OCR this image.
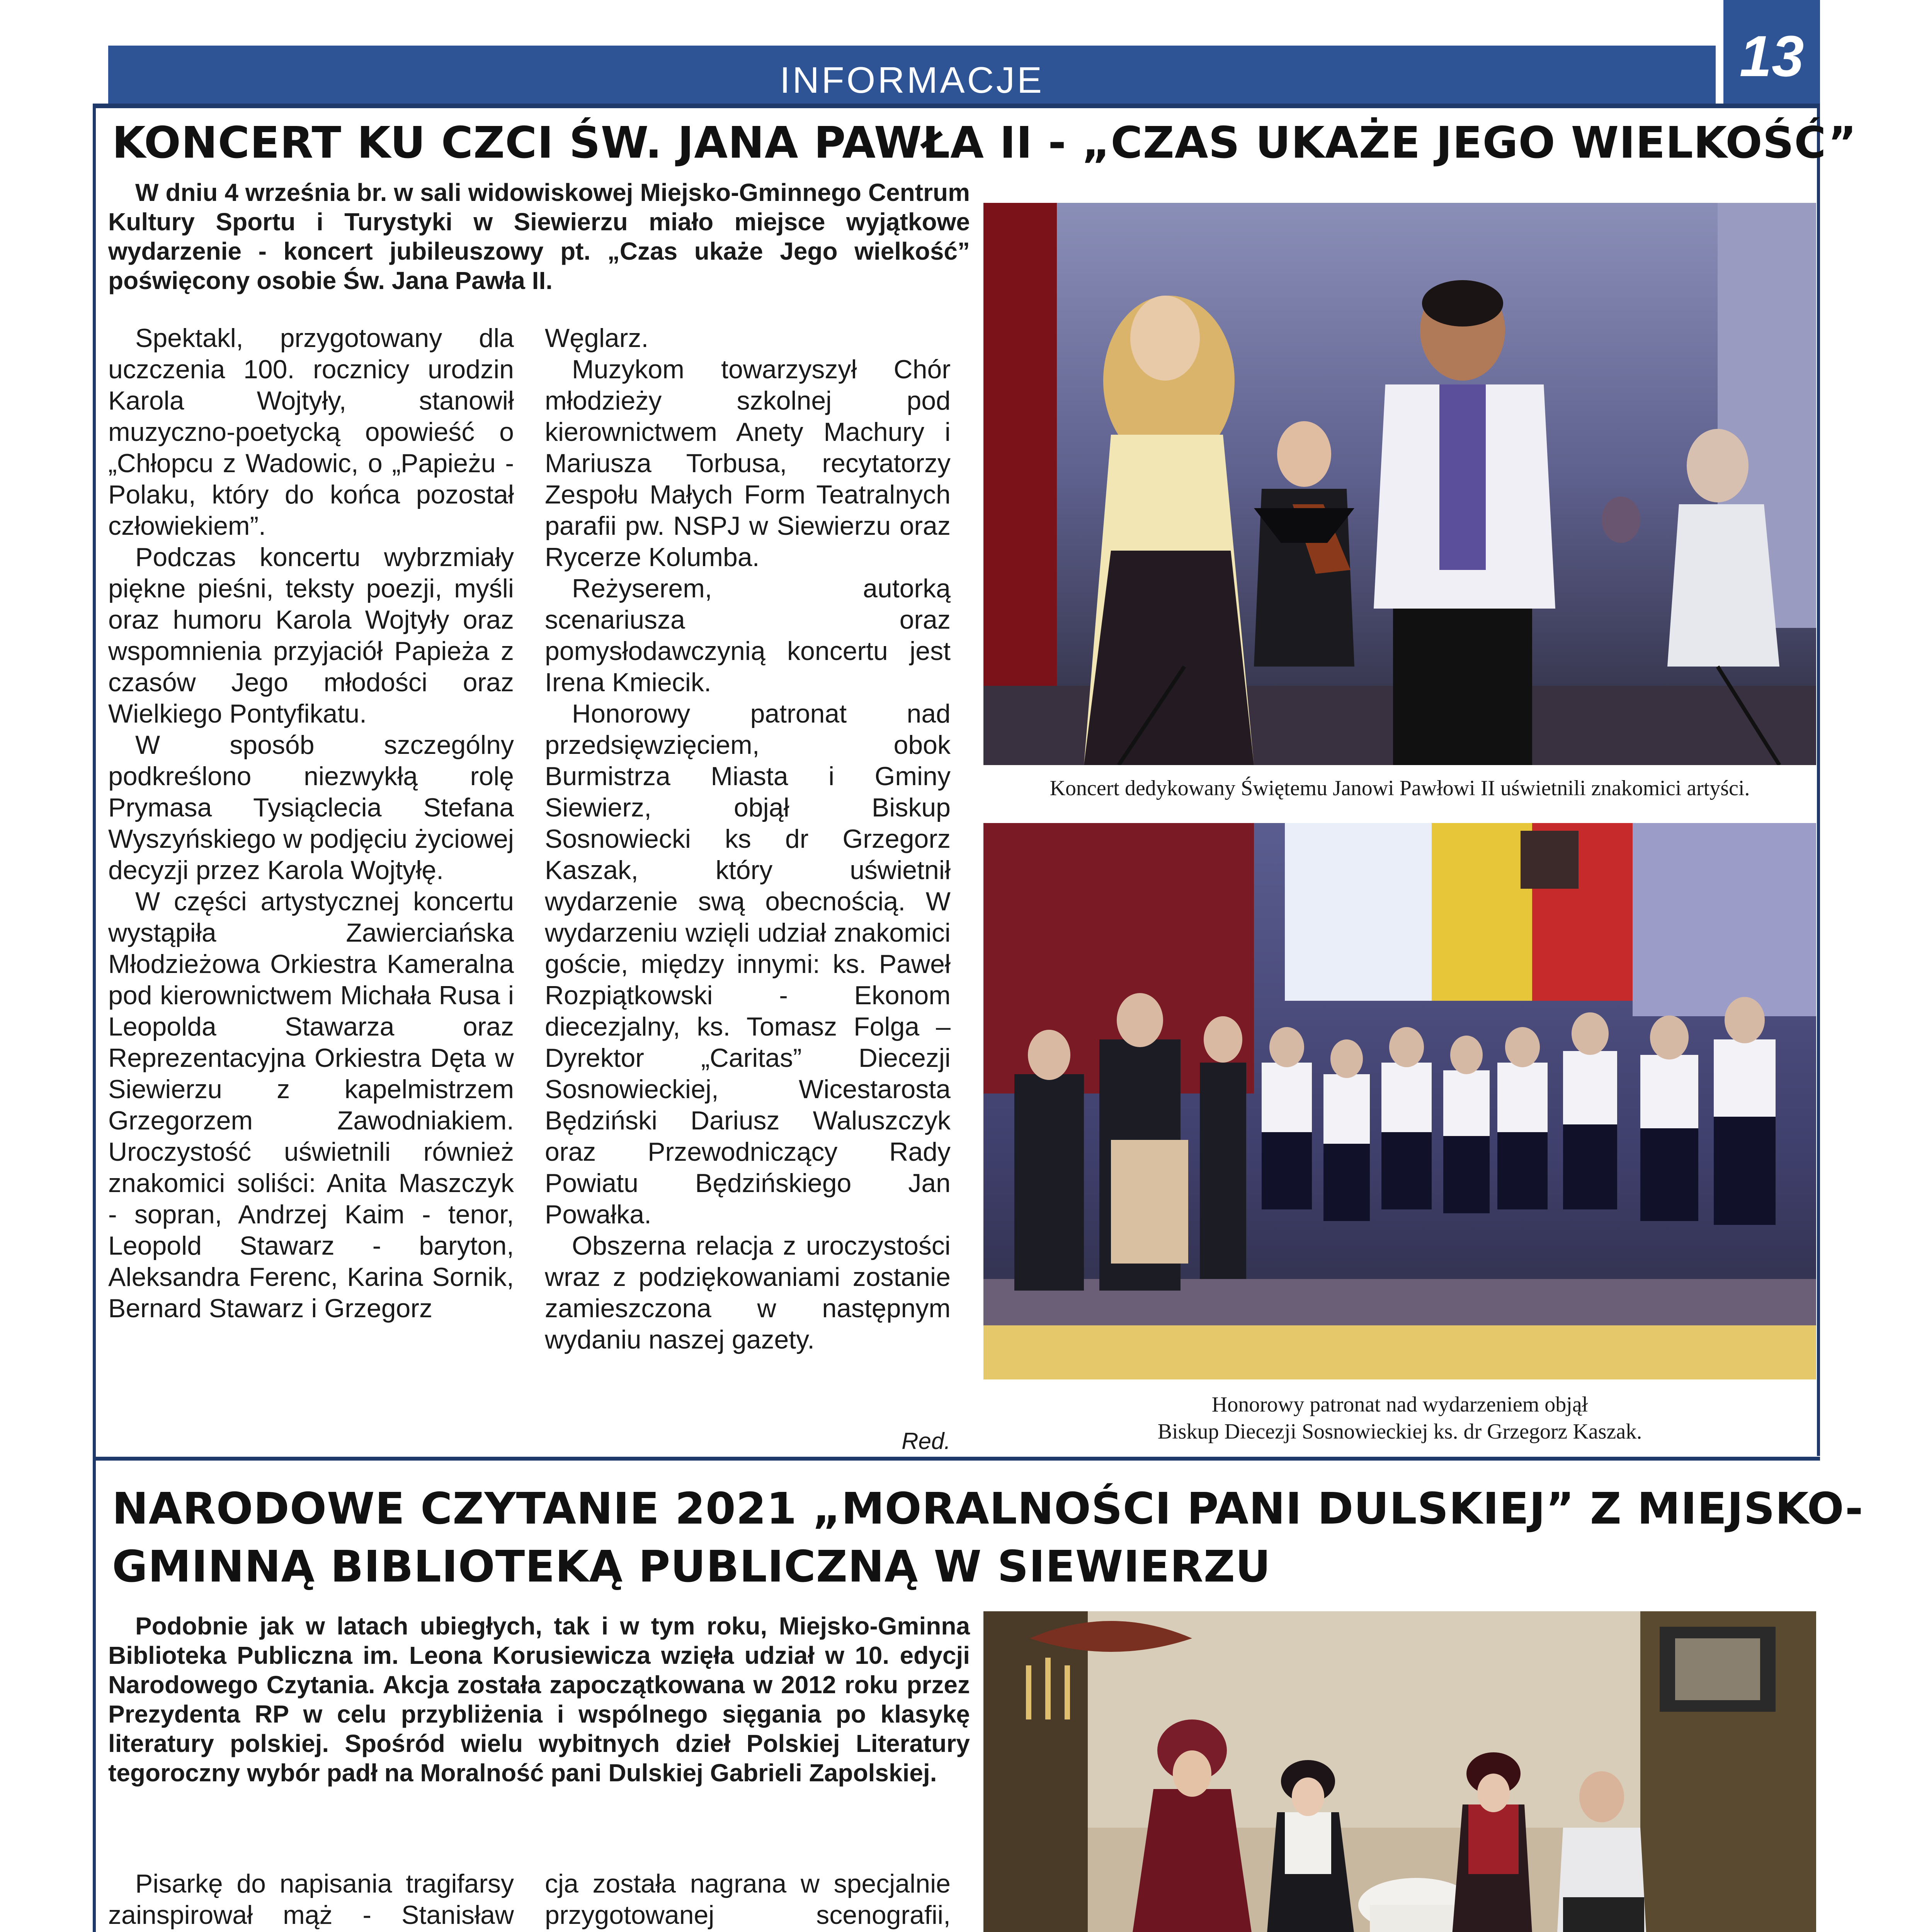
INFORMACJE	13
KONCERT KU CZCI ŚW. JANA PAWŁA II - „CZAS UKAŻE JEGO WIELKOŚĆ”

W dniu 4 września br. w sali widowiskowej Miejsko-Gminnego Centrum Kultury Sportu i Turystyki w Siewierzu miało miejsce wyjątkowe wydarzenie - koncert jubileuszowy pt. „Czas ukaże Jego wielkość” poświęcony osobie Św. Jana Pawła II.

Spektakl, przygotowany dla uczczenia 100. rocznicy urodzin Karola Wojtyły, stanowił muzyczno-poetycką opowieść o „Chłopcu z Wadowic, o „Papieżu - Polaku, który do końca pozostał człowiekiem”.

Podczas koncertu wybrzmiały piękne pieśni, teksty poezji, myśli oraz humoru Karola Wojtyły oraz wspomnienia przyjaciół Papieża z czasów Jego młodości oraz Wielkiego Pontyfikatu.

W sposób szczególny podkreślono niezwykłą rolę Prymasa Tysiąclecia Stefana Wyszyńskiego w podjęciu życiowej decyzji przez Karola Wojtyłę.

W części artystycznej koncertu wystąpiła Zawierciańska Młodzieżowa Orkiestra Kameralna pod kierownictwem Michała Rusa i Leopolda Stawarza oraz Reprezentacyjna Orkiestra Dęta w Siewierzu z kapelmistrzem Grzegorzem Zawodniakiem. Uroczystość uświetnili również znakomici soliści: Anita Maszczyk - sopran, Andrzej Kaim - tenor, Leopold Stawarz - baryton, Aleksandra Ferenc, Karina Sornik, Bernard Stawarz i Grzegorz

Węglarz.

Muzykom towarzyszył Chór młodzieży szkolnej pod kierownictwem Anety Machury i Mariusza Torbusa, recytatorzy Zespołu Małych Form Teatralnych parafii pw. NSPJ w Siewierzu oraz Rycerze Kolumba.

Reżyserem, autorką scenariusza oraz pomysłodawczynią koncertu jest Irena Kmiecik.

Honorowy patronat nad przedsięwzięciem, obok Burmistrza Miasta i Gminy Siewierz, objął Biskup Sosnowiecki ks dr Grzegorz Kaszak, który uświetnił wydarzenie swą obecnością. W wydarzeniu wzięli udział znakomici goście, między innymi: ks. Paweł Rozpiątkowski - Ekonom diecezjalny, ks. Tomasz Folga – Dyrektor „Caritas” Diecezji Sosnowieckiej, Wicestarosta Będziński Dariusz Waluszczyk oraz Przewodniczący Rady Powiatu Będzińskiego Jan Powałka.

Obszerna relacja z uroczystości wraz z podziękowaniami zostanie zamieszczona w następnym wydaniu naszej gazety.

Red.

Koncert dedykowany Świętemu Janowi Pawłowi II uświetnili znakomici artyści.

Honorowy patronat nad wydarzeniem objął

Biskup Diecezji Sosnowieckiej ks. dr Grzegorz Kaszak.

NARODOWE CZYTANIE 2021 „MORALNOŚCI PANI DULSKIEJ” Z MIEJSKO-
GMINNĄ BIBLIOTEKĄ PUBLICZNĄ W SIEWIERZU

Podobnie jak w latach ubiegłych, tak i w tym roku, Miejsko-Gminna Biblioteka Publiczna im. Leona Korusiewicza wzięła udział w 10. edycji Narodowego Czytania. Akcja została zapoczątkowana w 2012 roku przez Prezydenta RP w celu przybliżenia i wspólnego sięgania po klasykę literatury polskiej. Spośród wielu wybitnych dzieł Polskiej Literatury tegoroczny wybór padł na Moralność pani Dulskiej Gabrieli Zapolskiej.

Pisarkę do napisania tragifarsy zainspirował mąż - Stanisław

cja została nagrana w specjalnie przygotowanej scenografii,
